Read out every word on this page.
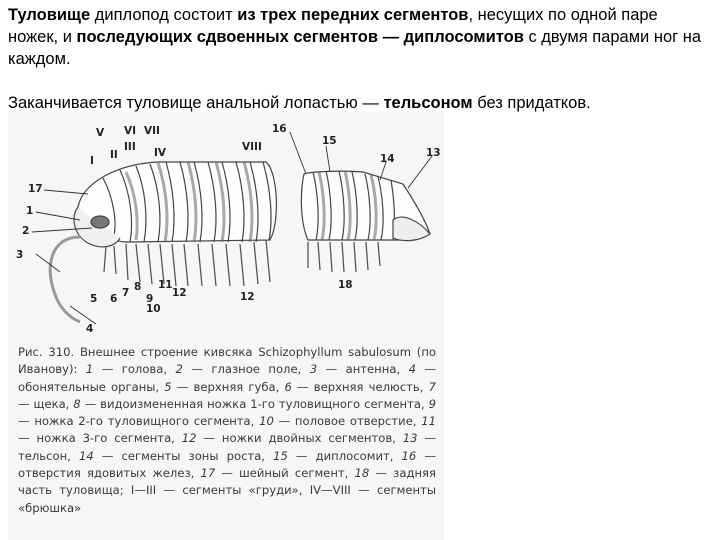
Туловище диплопод состоит из трех передних сегментов, несущих по одной паре ножек, и последующих сдвоенных сегментов — диплосомитов с двумя парами ног на каждом.

Заканчивается туловище анальной лопастью — тельсоном без придатков.

VI VII
V
VIII
III IV
II
I
17
1
2
3
4
5 6 7 8
9
10
11
12	12
13
14
15
16
18

Рис. 310. Внешнее строение кивсяка Schizophyllum sabulosum (по Иванову): 1 — голова, 2 — глазное поле, 3 — антенна, 4 — обонятельные органы, 5 — верхняя губа, 6 — верхняя челюсть, 7 — щека, 8 — видоизмененная ножка 1-го туловищного сегмента, 9 — ножка 2-го туловищного сегмента, 10 — половое отверстие, 11 — ножка 3-го сегмента, 12 — ножки двойных сегментов, 13 — тельсон, 14 — сегменты зоны роста, 15 — диплосомит, 16 — отверстия ядовитых желез, 17 — шейный сегмент, 18 — задняя часть туловища; I—III — сегменты «груди», IV—VIII — сегменты «брюшка»
